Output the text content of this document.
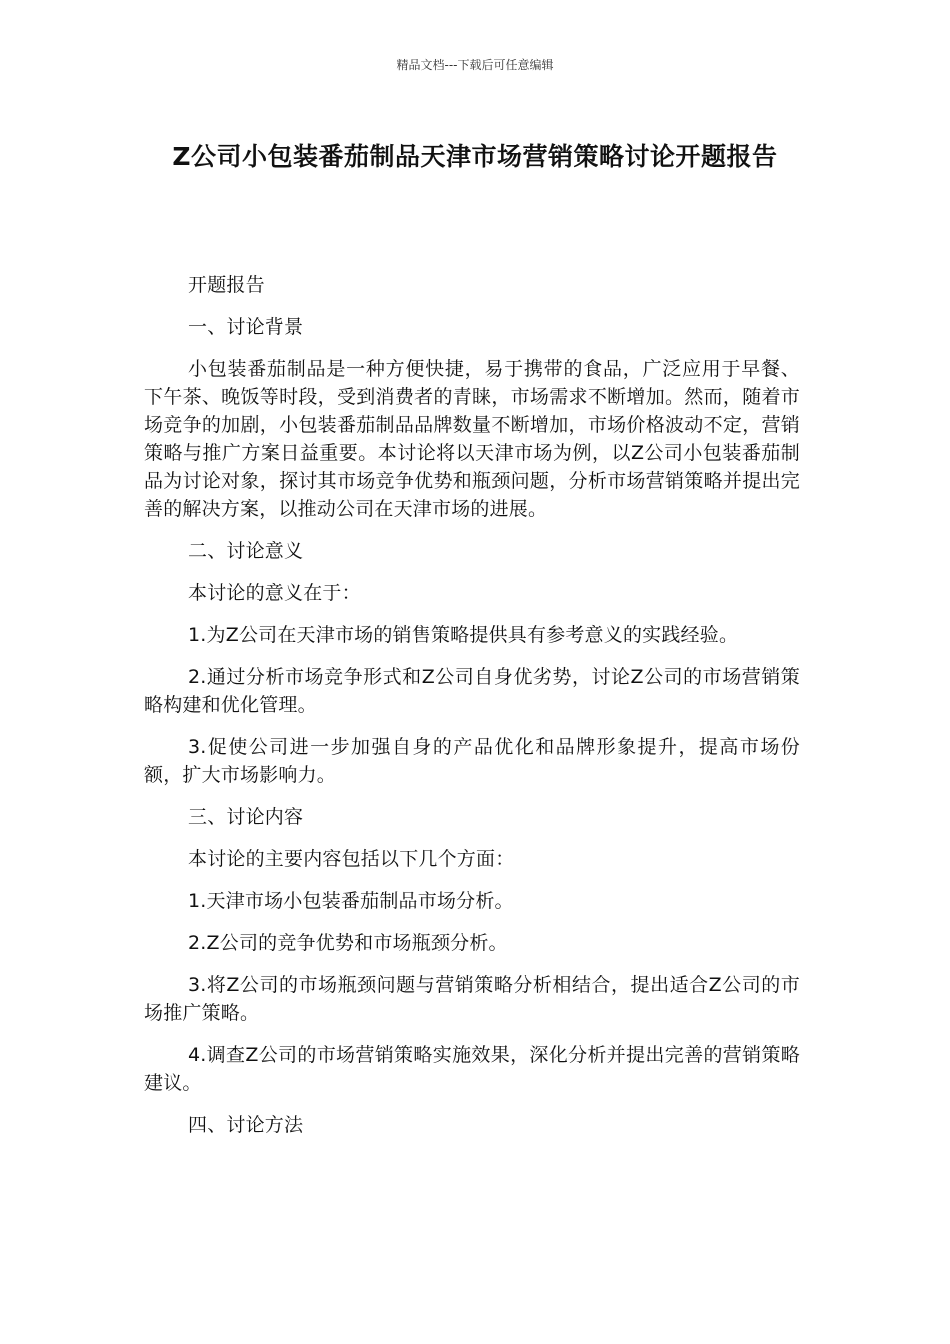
精品文档---下载后可任意编辑
Z公司小包装番茄制品天津市场营销策略讨论开题报告

开题报告

一、讨论背景

小包装番茄制品是一种方便快捷，易于携带的食品，广泛应用于早餐、下午茶、晚饭等时段，受到消费者的青睐，市场需求不断增加。然而，随着市场竞争的加剧，小包装番茄制品品牌数量不断增加，市场价格波动不定，营销策略与推广方案日益重要。本讨论将以天津市场为例，以Z公司小包装番茄制品为讨论对象，探讨其市场竞争优势和瓶颈问题，分析市场营销策略并提出完善的解决方案，以推动公司在天津市场的进展。

二、讨论意义

本讨论的意义在于：

1.为Z公司在天津市场的销售策略提供具有参考意义的实践经验。

2.通过分析市场竞争形式和Z公司自身优劣势，讨论Z公司的市场营销策略构建和优化管理。

3.促使公司进一步加强自身的产品优化和品牌形象提升，提高市场份额，扩大市场影响力。

三、讨论内容

本讨论的主要内容包括以下几个方面：

1.天津市场小包装番茄制品市场分析。

2.Z公司的竞争优势和市场瓶颈分析。

3.将Z公司的市场瓶颈问题与营销策略分析相结合，提出适合Z公司的市场推广策略。

4.调查Z公司的市场营销策略实施效果，深化分析并提出完善的营销策略建议。

四、讨论方法
